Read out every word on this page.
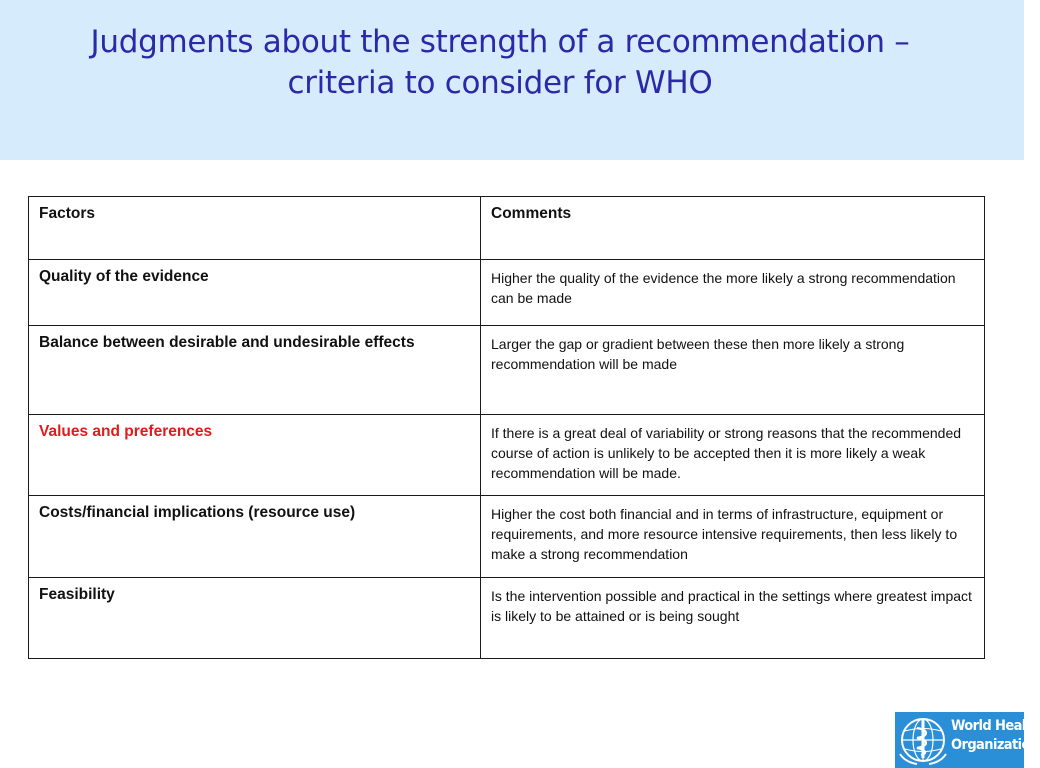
Judgments about the strength of a recommendation –
criteria to consider for WHO
Factors	Comments
Quality of the evidence	Higher the quality of the evidence the more likely a strong recommendation can be made
Balance between desirable and undesirable effects	Larger the gap or gradient between these then more likely a strong recommendation will be made
Values and preferences	If there is a great deal of variability or strong reasons that the recommended course of action is unlikely to be accepted then it is more likely a weak recommendation will be made.
Costs/financial implications (resource use)	Higher the cost both financial and in terms of infrastructure, equipment or requirements, and more resource intensive requirements, then less likely to make a strong recommendation
Feasibility	Is the intervention possible and practical in the settings where greatest impact is likely to be attained or is being sought
World Health
Organization
